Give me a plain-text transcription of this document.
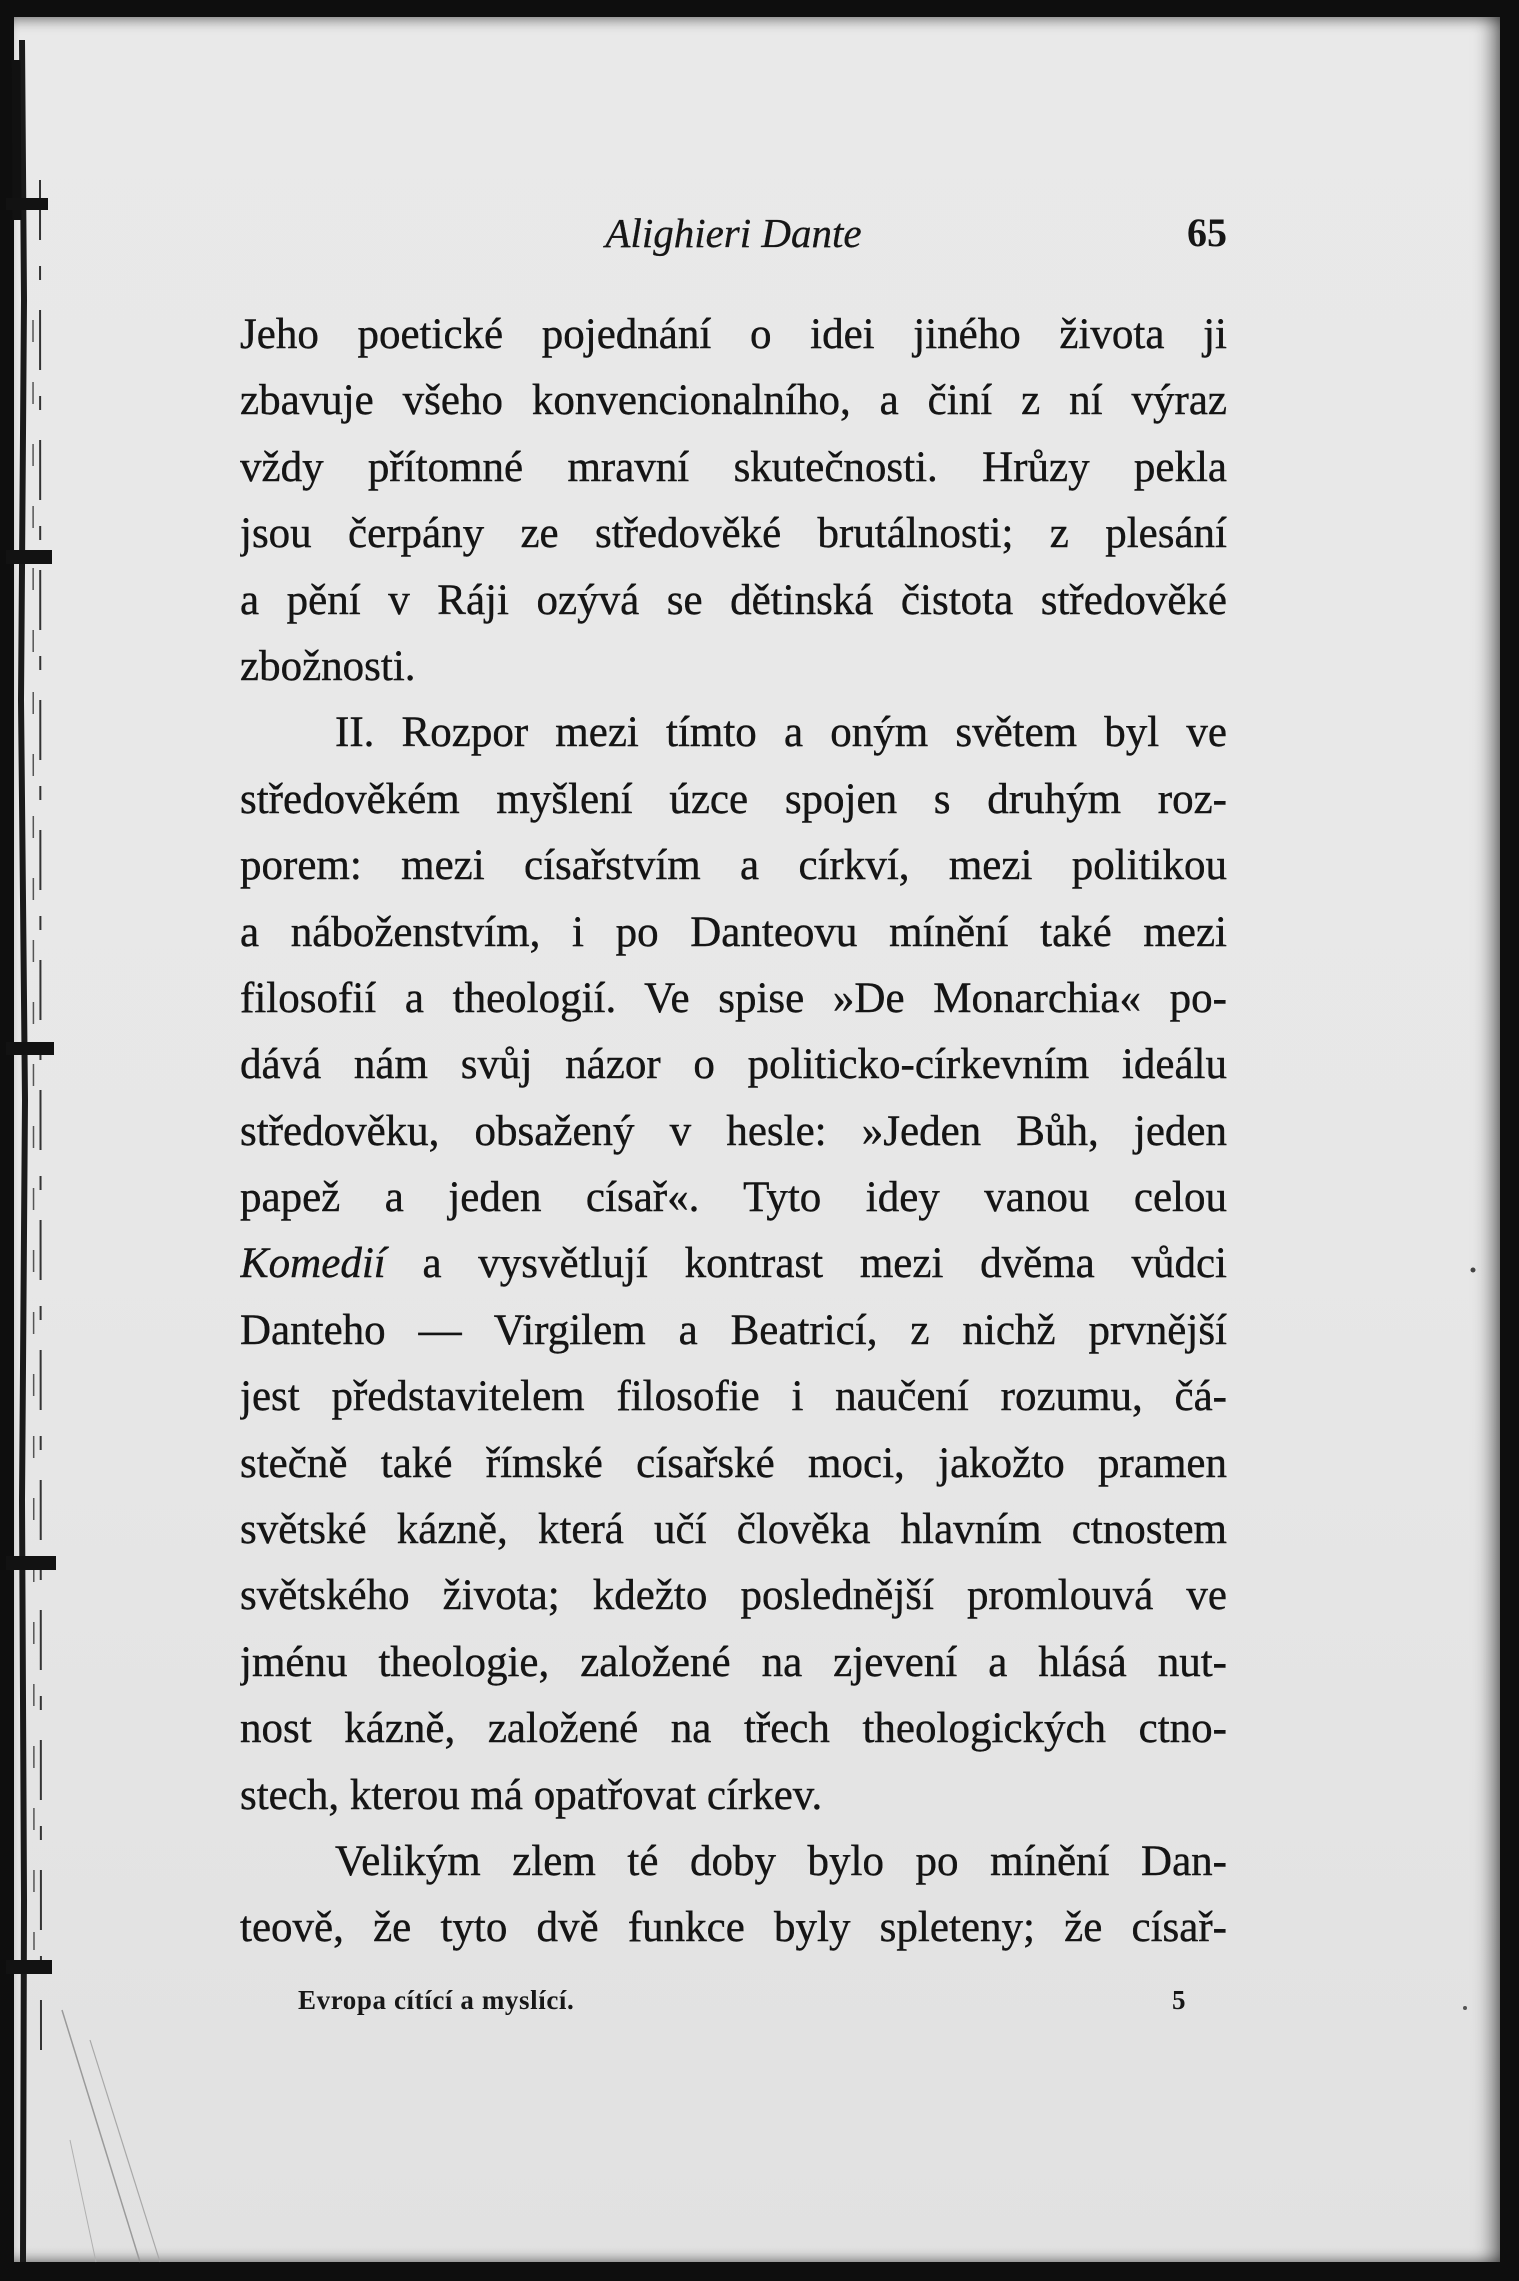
Alighieri Dante	65
Jeho poetické pojednání o idei jiného života ji
zbavuje všeho konvencionalního, a činí z ní výraz
vždy přítomné mravní skutečnosti. Hrůzy pekla
jsou čerpány ze středověké brutálnosti; z plesání
a pění v Ráji ozývá se dětinská čistota středověké
zbožnosti.
II. Rozpor mezi tímto a oným světem byl ve
středověkém myšlení úzce spojen s druhým roz-
porem: mezi císařstvím a církví, mezi politikou
a náboženstvím, i po Danteovu mínění také mezi
filosofií a theologií. Ve spise »De Monarchia« po-
dává nám svůj názor o politicko-církevním ideálu
středověku, obsažený v hesle: »Jeden Bůh, jeden
papež a jeden císař«. Tyto idey vanou celou
Komedií a vysvětlují kontrast mezi dvěma vůdci
Danteho — Virgilem a Beatricí, z nichž prvnější
jest představitelem filosofie i naučení rozumu, čá-
stečně také římské císařské moci, jakožto pramen
světské kázně, která učí člověka hlavním ctnostem
světského života; kdežto poslednější promlouvá ve
jménu theologie, založené na zjevení a hlásá nut-
nost kázně, založené na třech theologických ctno-
stech, kterou má opatřovat církev.
Velikým zlem té doby bylo po mínění Dan-
teově, že tyto dvě funkce byly spleteny; že císař-
Evropa cítící a myslící.	5
